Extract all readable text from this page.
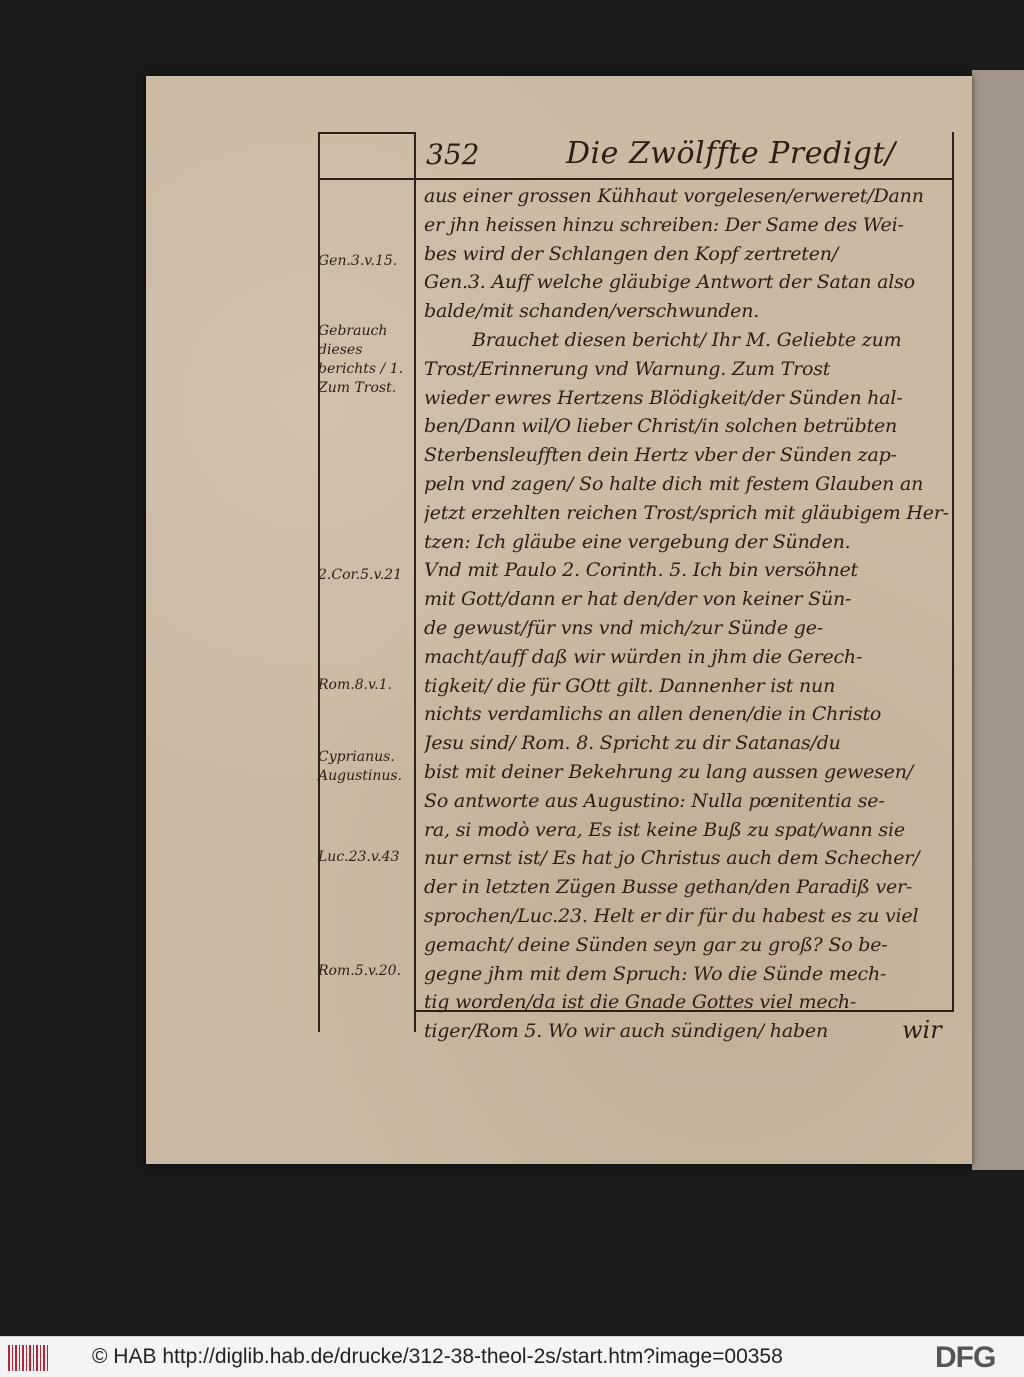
352	Die Zwölffte Predigt/
Gen.3.v.15.
Gebrauch dieses berichts / 1. Zum Trost.
2.Cor.5.v.21
Rom.8.v.1.
Cyprianus. Augustinus.
Luc.23.v.43
Rom.5.v.20.
aus einer grossen Kühhaut vorgelesen/erweret/Dann
er jhn heissen hinzu schreiben: Der Same des Wei-
bes wird der Schlangen den Kopf zertreten/
Gen.3. Auff welche gläubige Antwort der Satan also
balde/mit schanden/verschwunden.
Brauchet diesen bericht/ Ihr M. Geliebte zum
Trost/Erinnerung vnd Warnung. Zum Trost
wieder ewres Hertzens Blödigkeit/der Sünden hal-
ben/Dann wil/O lieber Christ/in solchen betrübten
Sterbensleufften dein Hertz vber der Sünden zap-
peln vnd zagen/ So halte dich mit festem Glauben an
jetzt erzehlten reichen Trost/sprich mit gläubigem Her-
tzen: Ich gläube eine vergebung der Sünden.
Vnd mit Paulo 2. Corinth. 5. Ich bin versöhnet
mit Gott/dann er hat den/der von keiner Sün-
de gewust/für vns vnd mich/zur Sünde ge-
macht/auff daß wir würden in jhm die Gerech-
tigkeit/ die für GOtt gilt. Dannenher ist nun
nichts verdamlichs an allen denen/die in Christo
Jesu sind/ Rom. 8. Spricht zu dir Satanas/du
bist mit deiner Bekehrung zu lang aussen gewesen/
So antworte aus Augustino: Nulla pœnitentia se-
ra, si modò vera, Es ist keine Buß zu spat/wann sie
nur ernst ist/ Es hat jo Christus auch dem Schecher/
der in letzten Zügen Busse gethan/den Paradiß ver-
sprochen/Luc.23. Helt er dir für du habest es zu viel
gemacht/ deine Sünden seyn gar zu groß? So be-
gegne jhm mit dem Spruch: Wo die Sünde mech-
tig worden/da ist die Gnade Gottes viel mech-
tiger/Rom 5. Wo wir auch sündigen/ haben	wir
© HAB http://diglib.hab.de/drucke/312-38-theol-2s/start.htm?image=00358	DFG
